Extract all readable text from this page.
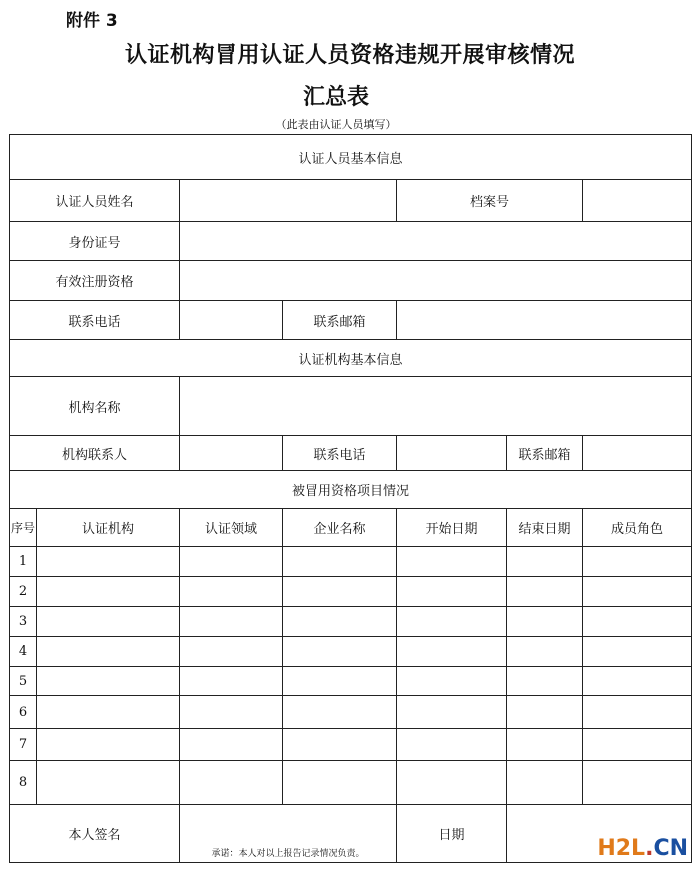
附件 3
认证机构冒用认证人员资格违规开展审核情况
汇总表
（此表由认证人员填写）
认证人员基本信息						
认证人员姓名				档案号		
身份证号						
有效注册资格						
联系电话			联系邮箱			
认证机构基本信息						
机构名称						
机构联系人			联系电话		联系邮箱	
被冒用资格项目情况						
序号	认证机构	认证领域	企业名称	开始日期	结束日期	成员角色
1						
2						
3						
4						
5						
6						
7						
8						
本人签名		承诺：本人对以上报告记录情况负责。		日期		
H2L.CN
